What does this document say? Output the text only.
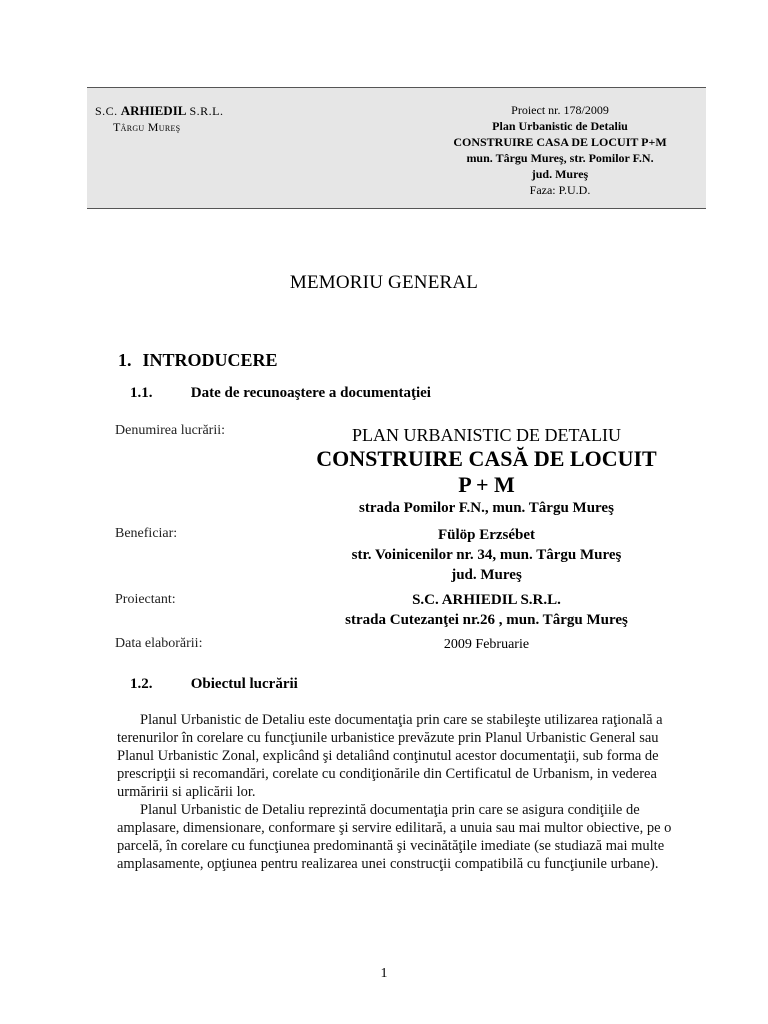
S.C. ARHIEDIL S.R.L.
Târgu Mureş
Proiect nr. 178/2009
Plan Urbanistic de Detaliu
CONSTRUIRE CASA DE LOCUIT P+M
mun. Târgu Mureş, str. Pomilor F.N.
jud. Mureş
Faza: P.U.D.
MEMORIU GENERAL
1. INTRODUCERE
1.1.	Date de recunoaştere a documentaţiei
Denumirea lucrării:	PLAN URBANISTIC DE DETALIU
CONSTRUIRE CASĂ DE LOCUIT
P + M
strada Pomilor F.N., mun. Târgu Mureş
Beneficiar:	Fülöp Erzsébet
str. Voinicenilor nr. 34, mun. Târgu Mureş
jud. Mureş
Proiectant:	S.C. ARHIEDIL S.R.L.
strada Cutezanţei nr.26 , mun. Târgu Mureş
Data elaborării:	2009 Februarie
1.2.	Obiectul lucrării

Planul Urbanistic de Detaliu este documentaţia prin care se stabileşte utilizarea raţională a terenurilor în corelare cu funcţiunile urbanistice prevăzute prin Planul Urbanistic General sau Planul Urbanistic Zonal, explicând şi detaliând conţinutul acestor documentaţii, sub forma de prescripţii si recomandări, corelate cu condiţionările din Certificatul de Urbanism, in vederea urmăririi si aplicării lor.

Planul Urbanistic de Detaliu reprezintă documentaţia prin care se asigura condiţiile de amplasare, dimensionare, conformare şi servire edilitară, a unuia sau mai multor obiective, pe o parcelă, în corelare cu funcţiunea predominantă şi vecinătăţile imediate (se studiază mai multe amplasamente, opţiunea pentru realizarea unei construcţii compatibilă cu funcţiunile urbane).

1
